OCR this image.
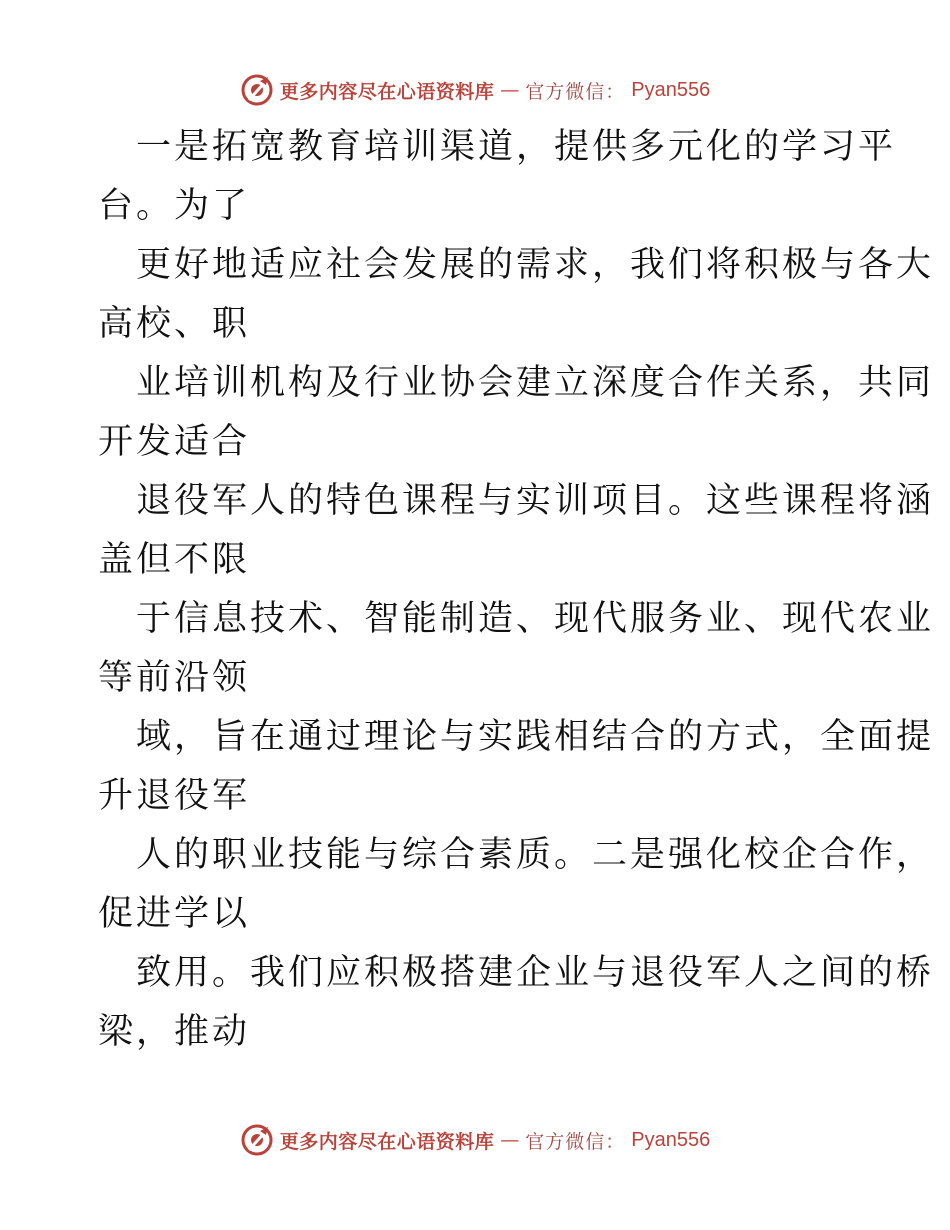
更多内容尽在心语资料库 — 官方微信： Pyan556
一是拓宽教育培训渠道，提供多元化的学习平
台。为了
更好地适应社会发展的需求，我们将积极与各大
高校、职
业培训机构及行业协会建立深度合作关系，共同
开发适合
退役军人的特色课程与实训项目。这些课程将涵
盖但不限
于信息技术、智能制造、现代服务业、现代农业
等前沿领
域，旨在通过理论与实践相结合的方式，全面提
升退役军
人的职业技能与综合素质。二是强化校企合作，
促进学以
致用。我们应积极搭建企业与退役军人之间的桥
梁，推动
更多内容尽在心语资料库 — 官方微信： Pyan556
